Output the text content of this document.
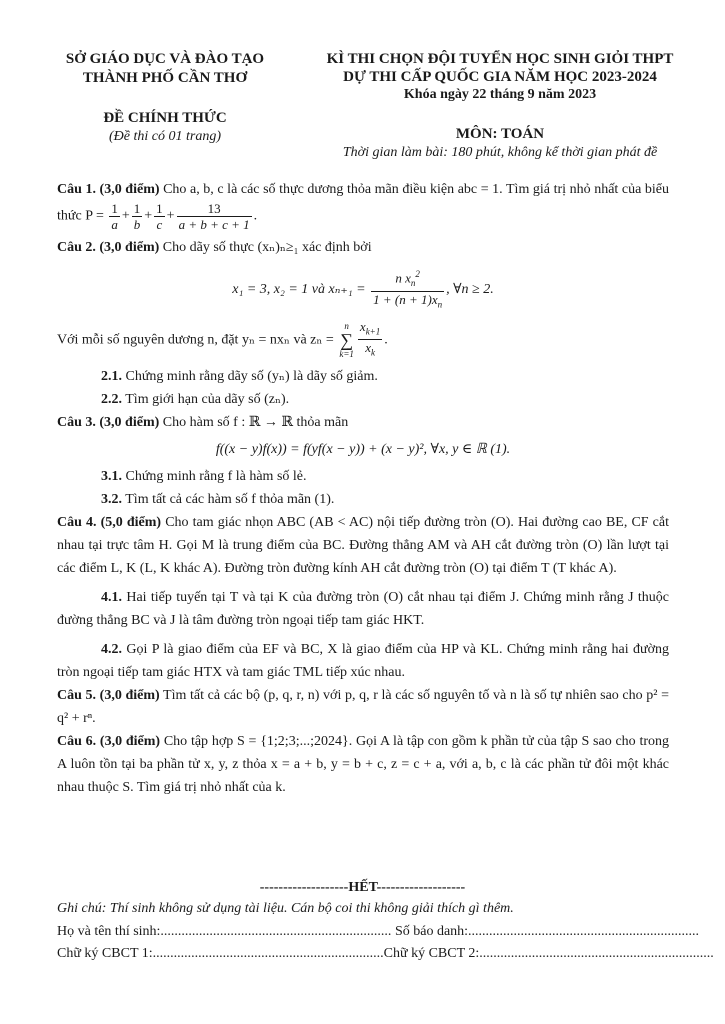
SỞ GIÁO DỤC VÀ ĐÀO TẠO
THÀNH PHỐ CẦN THƠ
ĐỀ CHÍNH THỨC
(Đề thi có 01 trang)
KÌ THI CHỌN ĐỘI TUYỂN HỌC SINH GIỎI THPT
DỰ THI CẤP QUỐC GIA NĂM HỌC 2023-2024
Khóa ngày 22 tháng 9 năm 2023
MÔN: TOÁN
Thời gian làm bài: 180 phút, không kể thời gian phát đề
Câu 1. (3,0 điểm) Cho a, b, c là các số thực dương thỏa mãn điều kiện abc = 1. Tìm giá trị nhỏ nhất của biểu thức $P = \frac{1}{a} + \frac{1}{b} + \frac{1}{c} + \frac{13}{a + b + c + 1}$ .
Câu 2. (3,0 điểm) Cho dãy số thực (xₙ)ₙ≥₁ xác định bởi
x₁ = 3, x₂ = 1 và $x_{n+1} = \frac{n x_n^2}{1 + (n + 1)x_n}$ , ∀n ≥ 2.
Với mỗi số nguyên dương n, đặt yₙ = nxₙ và zₙ = n
∑
$k=1 \frac{x_{k+1}}{x_k}$ .
2.1. Chứng minh rằng dãy số (yₙ) là dãy số giảm.
2.2. Tìm giới hạn của dãy số (zₙ).
Câu 3. (3,0 điểm) Cho hàm số f : ℝ → ℝ thỏa mãn
f((x − y)f(x)) = f(yf(x − y)) + (x − y)², ∀x, y ∈ ℝ (1).
3.1. Chứng minh rằng f là hàm số lẻ.
3.2. Tìm tất cả các hàm số f thỏa mãn (1).
Câu 4. (5,0 điểm) Cho tam giác nhọn ABC (AB < AC) nội tiếp đường tròn (O). Hai đường cao BE, CF cắt nhau tại trực tâm H. Gọi M là trung điểm của BC. Đường thẳng AM và AH cắt đường tròn (O) lần lượt tại các điểm L, K (L, K khác A). Đường tròn đường kính AH cắt đường tròn (O) tại điểm T (T khác A).
4.1. Hai tiếp tuyến tại T và tại K của đường tròn (O) cắt nhau tại điểm J. Chứng minh rằng J thuộc đường thẳng BC và J là tâm đường tròn ngoại tiếp tam giác HKT.
4.2. Gọi P là giao điểm của EF và BC, X là giao điểm của HP và KL. Chứng minh rằng hai đường tròn ngoại tiếp tam giác HTX và tam giác TML tiếp xúc nhau.
Câu 5. (3,0 điểm) Tìm tất cả các bộ (p, q, r, n) với p, q, r là các số nguyên tố và n là số tự nhiên sao cho p² = q² + rⁿ.
Câu 6. (3,0 điểm) Cho tập hợp S = {1;2;3;...;2024}. Gọi A là tập con gồm k phần tử của tập S sao cho trong A luôn tồn tại ba phần tử x, y, z thỏa x = a + b, y = b + c, z = c + a, với a, b, c là các phần tử đôi một khác nhau thuộc S. Tìm giá trị nhỏ nhất của k.
-------------------HẾT-------------------
Ghi chú: Thí sinh không sử dụng tài liệu. Cán bộ coi thi không giải thích gì thêm.
Họ và tên thí sinh:.................................................................. Số báo danh:..................................................................
Chữ ký CBCT 1:..................................................................Chữ ký CBCT 2:...................................................................
